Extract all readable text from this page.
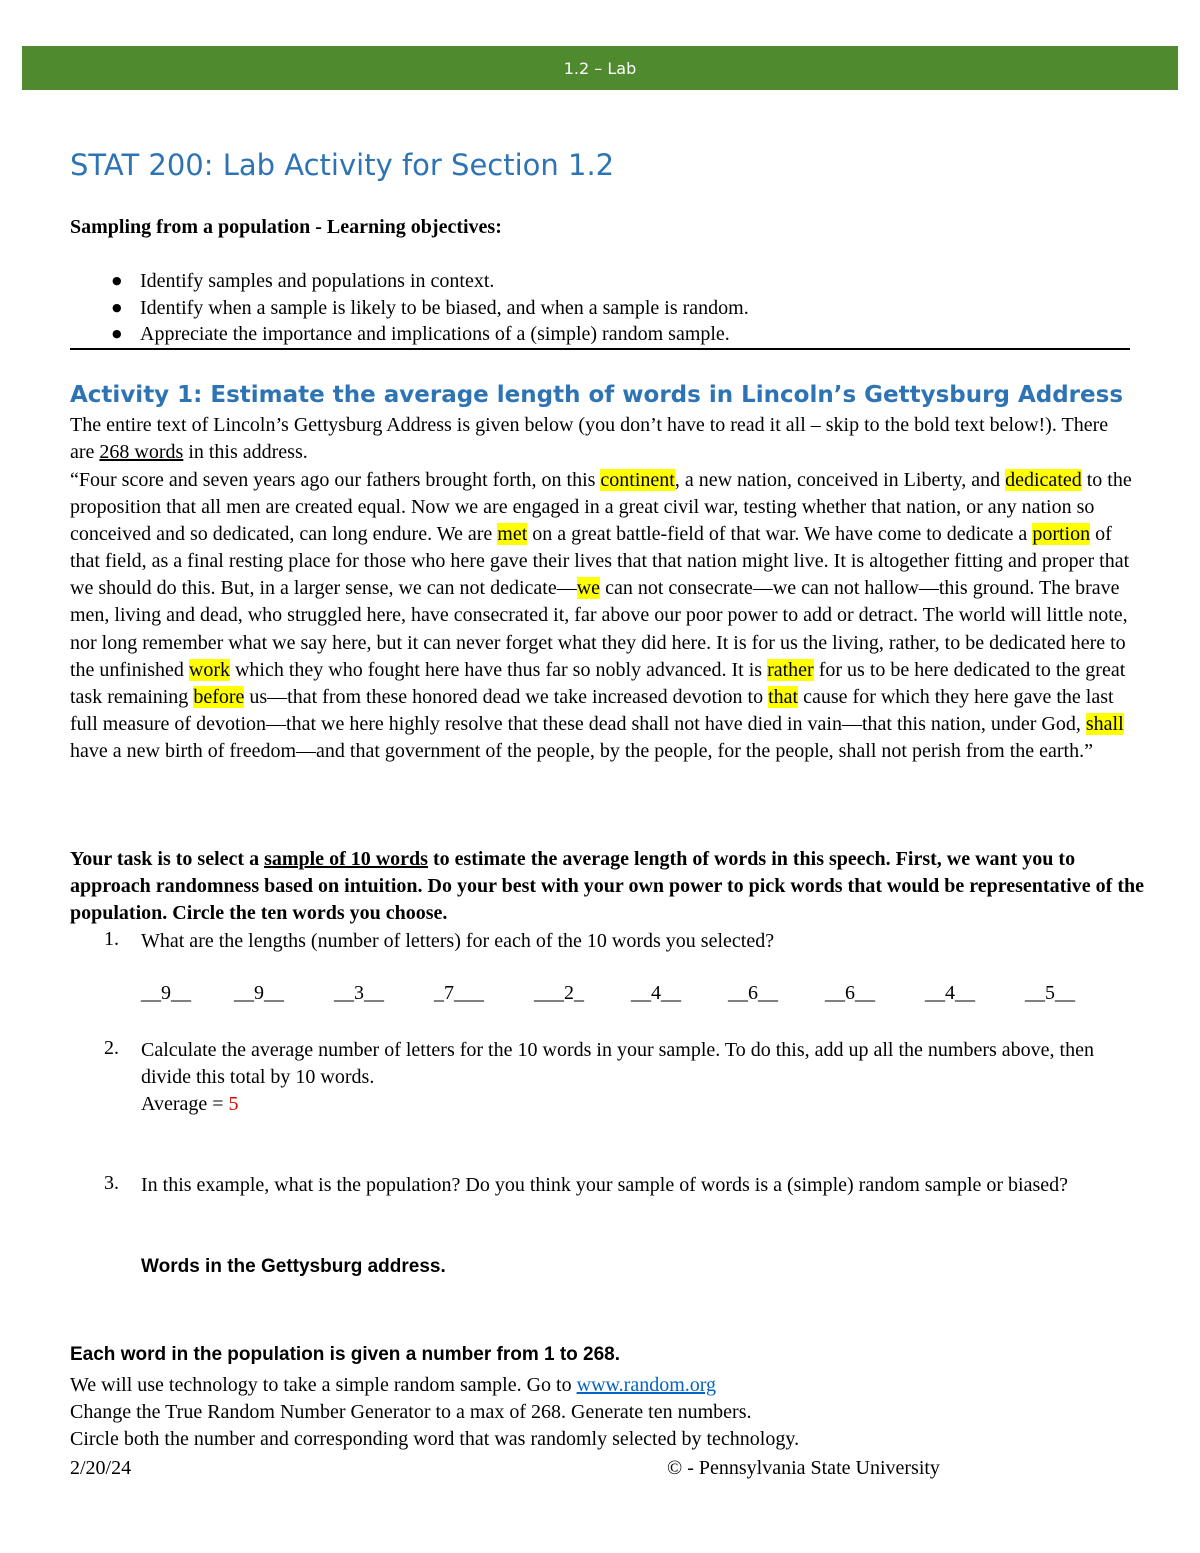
1.2 – Lab
STAT 200: Lab Activity for Section 1.2
Sampling from a population - Learning objectives:
● Identify samples and populations in context.
● Identify when a sample is likely to be biased, and when a sample is random.
● Appreciate the importance and implications of a (simple) random sample.
Activity 1: Estimate the average length of words in Lincoln’s Gettysburg Address
The entire text of Lincoln’s Gettysburg Address is given below (you don’t have to read it all – skip to the bold text below!). There are 268 words in this address.
“Four score and seven years ago our fathers brought forth, on this continent, a new nation, conceived in Liberty, and dedicated to the proposition that all men are created equal. Now we are engaged in a great civil war, testing whether that nation, or any nation so conceived and so dedicated, can long endure. We are met on a great battle-field of that war. We have come to dedicate a portion of that field, as a final resting place for those who here gave their lives that that nation might live. It is altogether fitting and proper that we should do this. But, in a larger sense, we can not dedicate—we can not consecrate—we can not hallow—this ground. The brave men, living and dead, who struggled here, have consecrated it, far above our poor power to add or detract. The world will little note, nor long remember what we say here, but it can never forget what they did here. It is for us the living, rather, to be dedicated here to the unfinished work which they who fought here have thus far so nobly advanced. It is rather for us to be here dedicated to the great task remaining before us—that from these honored dead we take increased devotion to that cause for which they here gave the last full measure of devotion—that we here highly resolve that these dead shall not have died in vain—that this nation, under God, shall have a new birth of freedom—and that government of the people, by the people, for the people, shall not perish from the earth.”
Your task is to select a sample of 10 words to estimate the average length of words in this speech. First, we want you to approach randomness based on intuition. Do your best with your own power to pick words that would be representative of the population. Circle the ten words you choose.
1. What are the lengths (number of letters) for each of the 10 words you selected?
__9__ __9__	__3__	_7___	___2_ __4__ __6__ __6__	__4__	__5__
2. Calculate the average number of letters for the 10 words in your sample. To do this, add up all the numbers above, then divide this total by 10 words.
Average = 5
3. In this example, what is the population? Do you think your sample of words is a (simple) random sample or biased?
Words in the Gettysburg address.
Each word in the population is given a number from 1 to 268.
We will use technology to take a simple random sample. Go to www.random.org
Change the True Random Number Generator to a max of 268. Generate ten numbers.
Circle both the number and corresponding word that was randomly selected by technology.
2/20/24	© - Pennsylvania State University
